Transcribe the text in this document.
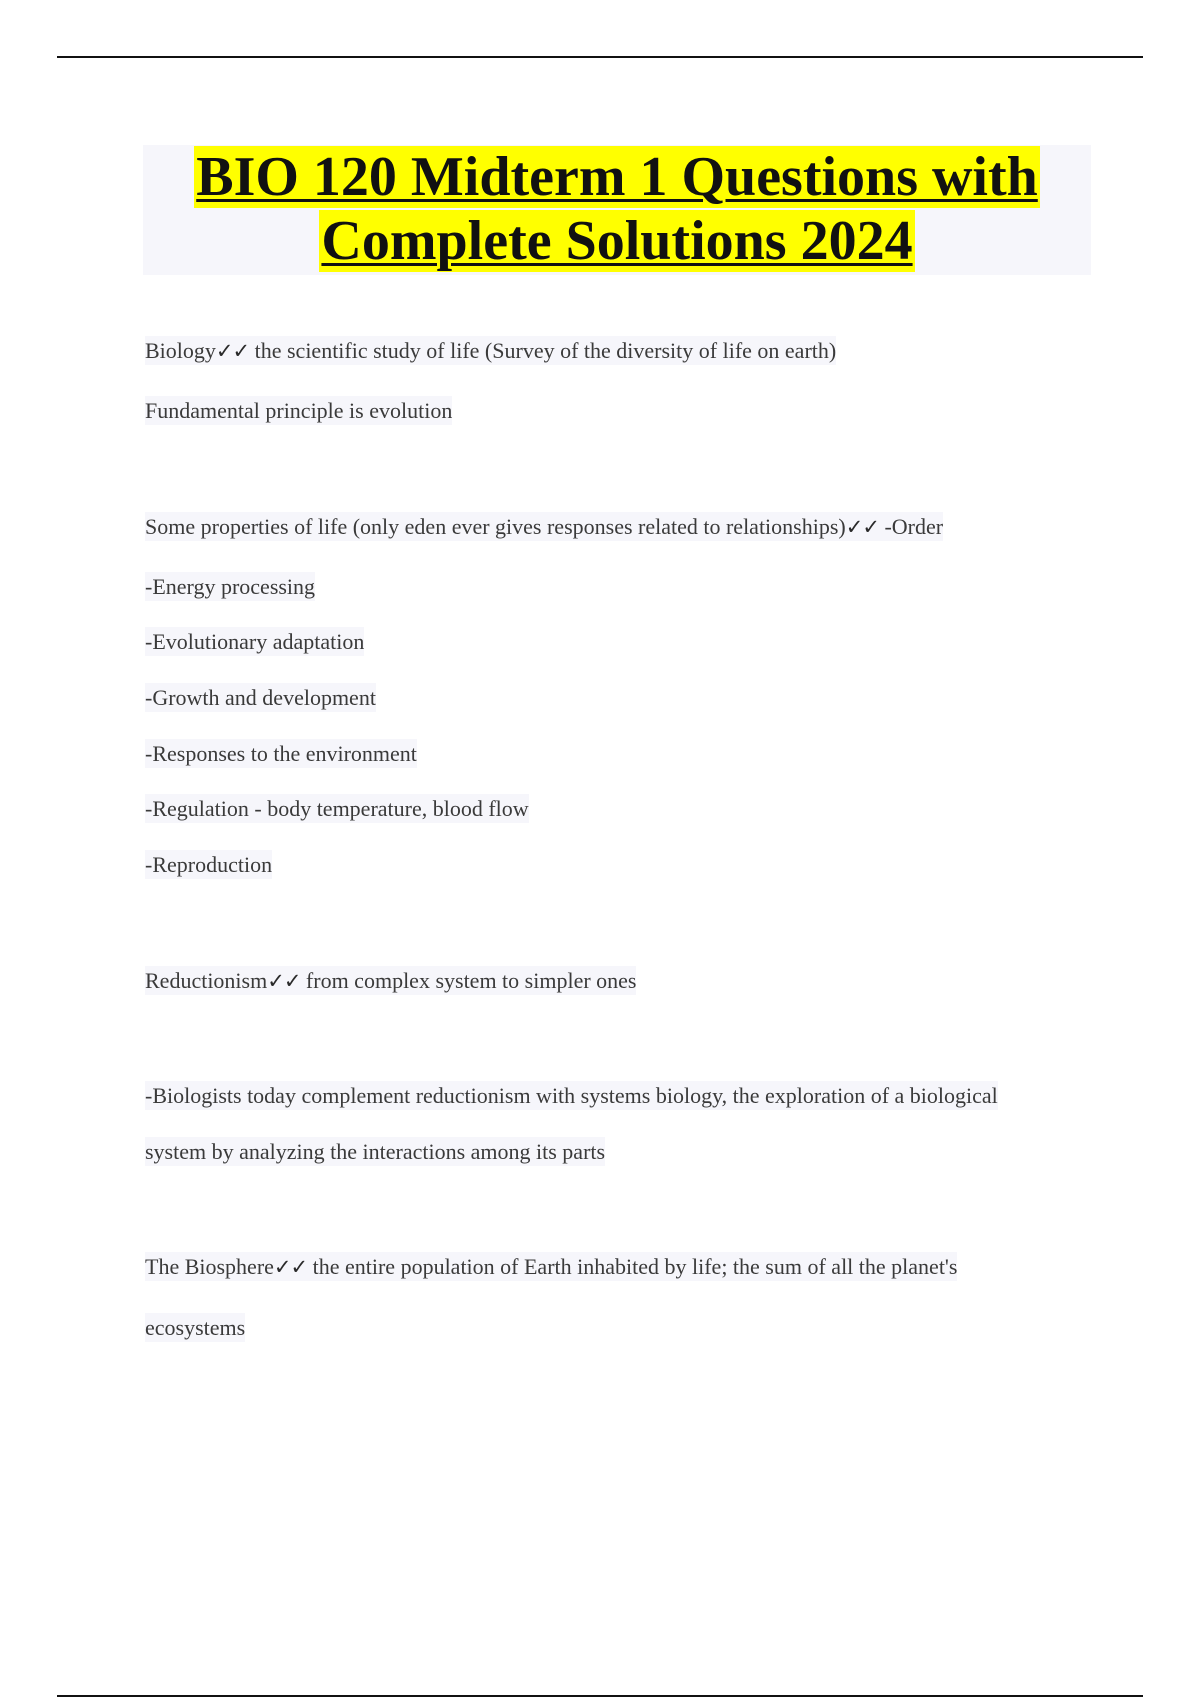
BIO 120 Midterm 1 Questions with
Complete Solutions 2024
Biology✓✓ the scientific study of life (Survey of the diversity of life on earth)
Fundamental principle is evolution
Some properties of life (only eden ever gives responses related to relationships)✓✓ -Order
-Energy processing
-Evolutionary adaptation
-Growth and development
-Responses to the environment
-Regulation - body temperature, blood flow
-Reproduction
Reductionism✓✓ from complex system to simpler ones
-Biologists today complement reductionism with systems biology, the exploration of a biological
system by analyzing the interactions among its parts
The Biosphere✓✓ the entire population of Earth inhabited by life; the sum of all the planet's
ecosystems
